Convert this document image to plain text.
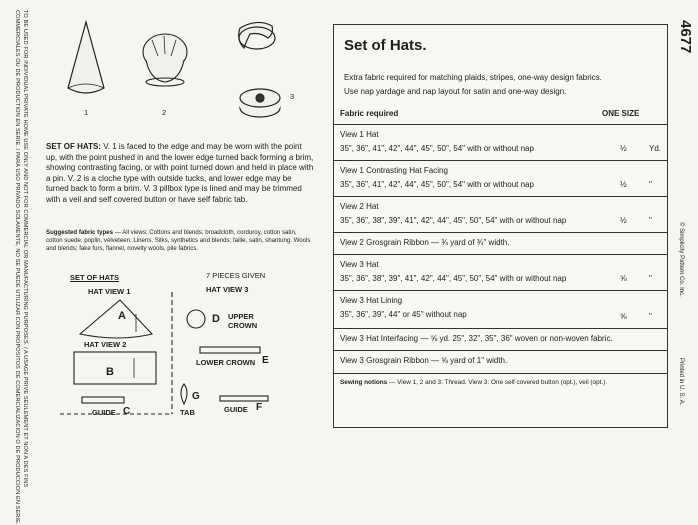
TO BE USED FOR INDIVIDUAL PRIVATE HOME USE ONLY AND NOT FOR COMMERCIAL OR MANUFACTURING PURPOSES. / A USAGE PRIVE SEULEMENT ET NON A DES FINS
COMMERCIALES OU DE PRODUCTION EN SERIE. / PARA USO PRIVADO SOLAMENTE, NO SE PUEDE UTILIZAR CON PROPOSITOS DE COMERCIALIZACION O DE PRODUCCION EN SERIE.	1	2
3
SET OF HATS: V. 1 is faced to the edge and may be worn with the point up, with the point pushed in and the lower edge turned back forming a brim, showing contrasting facing, or with point turned down and held in place with a pin. V. 2 is a cloche type with outside tucks, and lower edge may be turned back to form a brim. V. 3 pillbox type is lined and may be trimmed with a veil and self covered button or have self fabric tab.
Suggested fabric types — All views: Cottons and blends; broadcloth, corduroy, cotton satin, cotton suede, poplin, velveteen. Linens. Silks, synthetics and blends; faille, satin, shantung. Wools and blends; fake furs, flannel, novelty wools, pile fabrics.
SET OF HATS	7 PIECES GIVEN
HAT VIEW 1	HAT VIEW 3
HAT VIEW 2
A
B
GUIDE C
D UPPER CROWN
LOWER CROWN E
G
TAB	GUIDE F
Set of Hats.
Extra fabric required for matching plaids, stripes, one-way design fabrics.
Use nap yardage and nap layout for satin and one-way design.
Fabric required	ONE SIZE
View 1 Hat
35", 36", 41", 42", 44", 45", 50", 54" with or without nap	½	Yd.
View 1 Contrasting Hat Facing
35", 36", 41", 42", 44", 45", 50", 54" with or without nap	½	"
View 2 Hat
35", 36", 38", 39", 41", 42", 44", 45", 50", 54" with or without nap	½	"
View 2 Grosgrain Ribbon — ¾ yard of ¾" width.
View 3 Hat
35", 36", 38", 39", 41", 42", 44", 45", 50", 54" with or without nap	⅝	"
View 3 Hat Lining
35", 36", 39", 44" or 45" without nap	⅝	"
View 3 Hat Interfacing — ⅝ yd. 25", 32", 35", 36" woven or non-woven fabric.
View 3 Grosgrain Ribbon — ⅝ yard of 1" width.
Sewing notions — View 1, 2 and 3: Thread. View 3: One self covered button (opt.), veil (opt.).
4677
© Simplicity Pattern Co. Inc.
Printed in U. S. A.
